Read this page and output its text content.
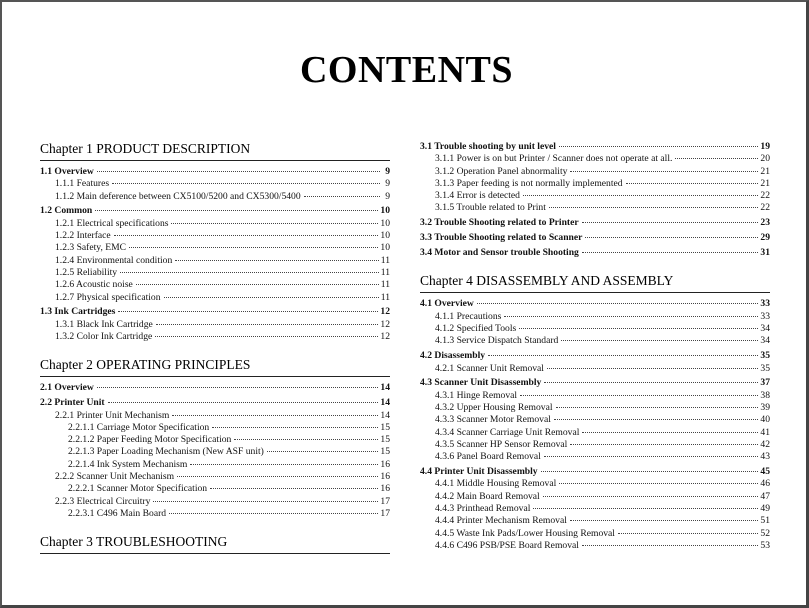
CONTENTS
Chapter 1 PRODUCT DESCRIPTION
1.1 Overview	9
1.1.1 Features	9
1.1.2 Main deference between CX5100/5200 and CX5300/5400	9
1.2 Common	10
1.2.1 Electrical specifications	10
1.2.2 Interface	10
1.2.3 Safety, EMC	10
1.2.4 Environmental condition	11
1.2.5 Reliability	11
1.2.6 Acoustic noise	11
1.2.7 Physical specification	11
1.3 Ink Cartridges	12
1.3.1 Black Ink Cartridge	12
1.3.2 Color Ink Cartridge	12
Chapter 2 OPERATING PRINCIPLES
2.1 Overview	14
2.2 Printer Unit	14
2.2.1 Printer Unit Mechanism	14
2.2.1.1 Carriage Motor Specification	15
2.2.1.2 Paper Feeding Motor Specification	15
2.2.1.3 Paper Loading Mechanism (New ASF unit)	15
2.2.1.4 Ink System Mechanism	16
2.2.2 Scanner Unit Mechanism	16
2.2.2.1 Scanner Motor Specification	16
2.2.3 Electrical Circuitry	17
2.2.3.1 C496 Main Board	17
Chapter 3 TROUBLESHOOTING
3.1 Trouble shooting by unit level	19
3.1.1 Power is on but Printer / Scanner does not operate at all.	20
3.1.2 Operation Panel abnormality	21
3.1.3 Paper feeding is not normally implemented	21
3.1.4 Error is detected	22
3.1.5 Trouble related to Print	22
3.2 Trouble Shooting related to Printer	23
3.3 Trouble Shooting related to Scanner	29
3.4 Motor and Sensor trouble Shooting	31
Chapter 4 DISASSEMBLY AND ASSEMBLY
4.1 Overview	33
4.1.1 Precautions	33
4.1.2 Specified Tools	34
4.1.3 Service Dispatch Standard	34
4.2 Disassembly	35
4.2.1 Scanner Unit Removal	35
4.3 Scanner Unit Disassembly	37
4.3.1 Hinge Removal	38
4.3.2 Upper Housing Removal	39
4.3.3 Scanner Motor Removal	40
4.3.4 Scanner Carriage Unit Removal	41
4.3.5 Scanner HP Sensor Removal	42
4.3.6 Panel Board Removal	43
4.4 Printer Unit Disassembly	45
4.4.1 Middle Housing Removal	46
4.4.2 Main Board Removal	47
4.4.3 Printhead Removal	49
4.4.4 Printer Mechanism Removal	51
4.4.5 Waste Ink Pads/Lower Housing Removal	52
4.4.6 C496 PSB/PSE Board Removal	53
